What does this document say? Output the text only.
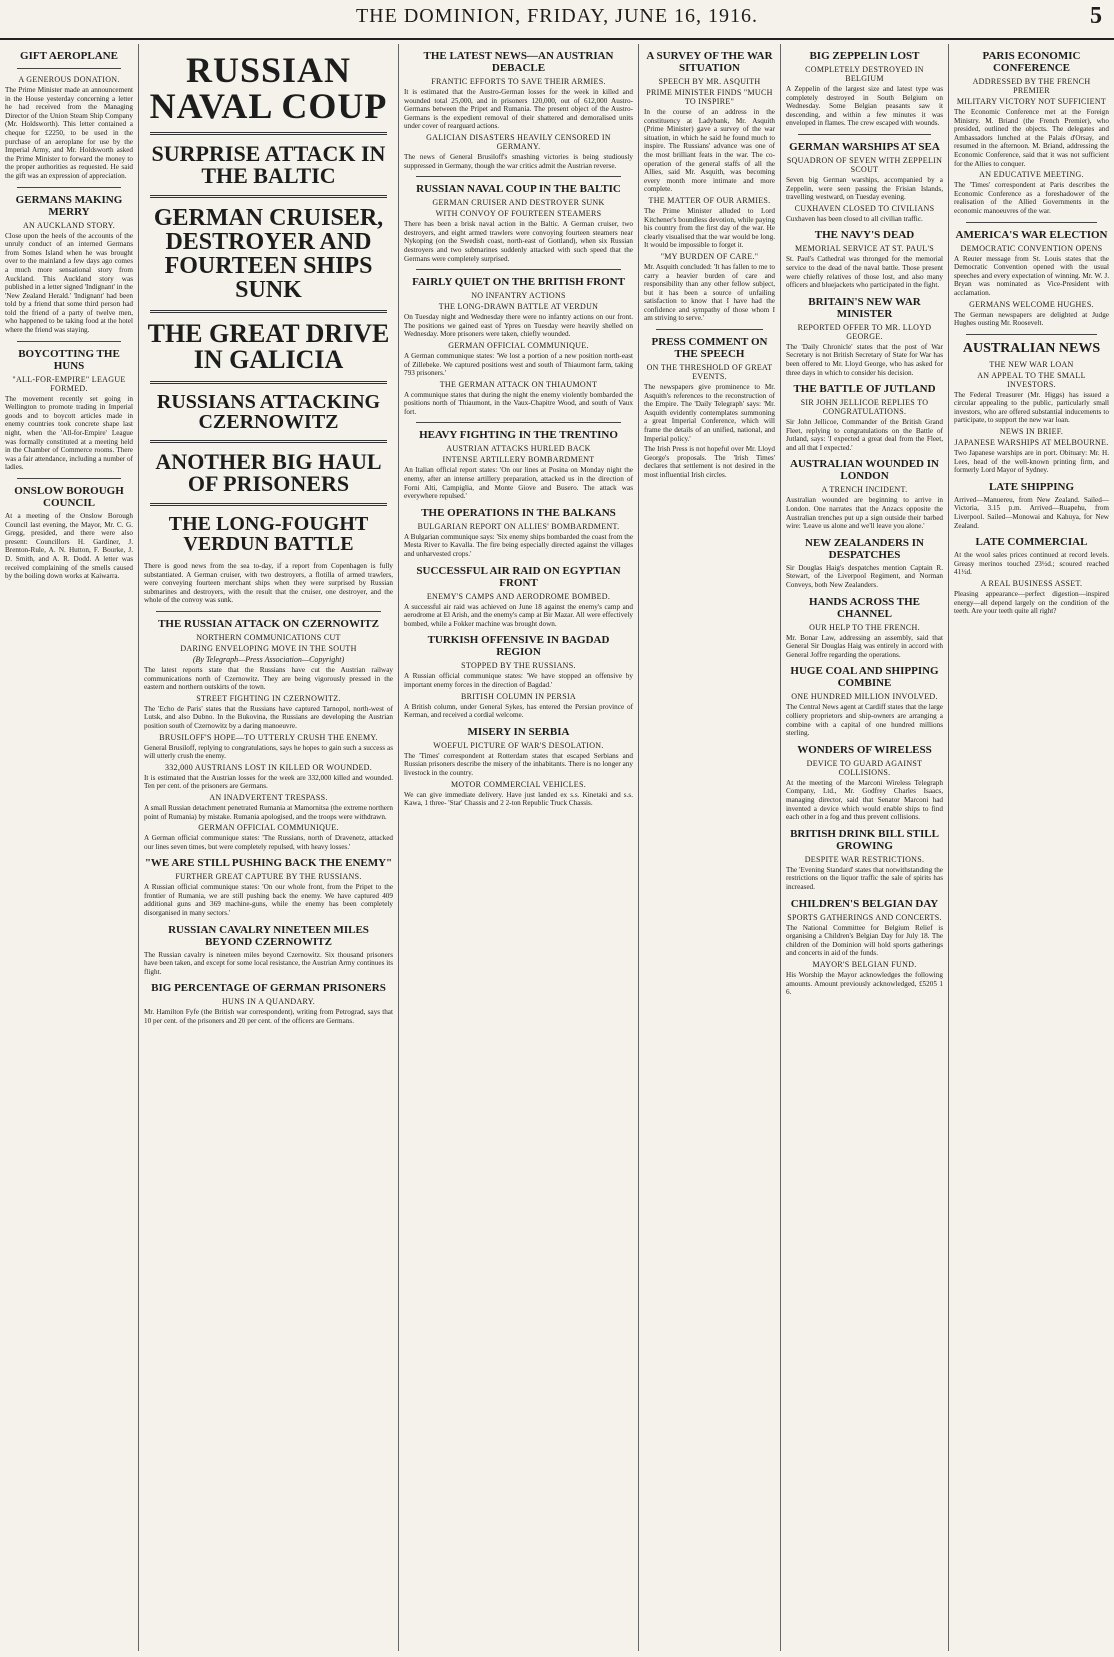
THE DOMINION, FRIDAY, JUNE 16, 1916.	5
GIFT AEROPLANE
A GENEROUS DONATION.
The Prime Minister made an announcement in the House yesterday concerning a letter he had received from the Managing Director of the Union Steam Ship Company (Mr. Holdsworth). This letter contained a cheque for £2250, to be used in the purchase of an aeroplane for use by the Imperial Army, and Mr. Holdsworth asked the Prime Minister to forward the money to the proper authorities as requested. He said the gift was an expression of appreciation.
GERMANS MAKING MERRY
AN AUCKLAND STORY.
Close upon the heels of the accounts of the unruly conduct of an interned Germans from Somes Island when he was brought over to the mainland a few days ago comes a much more sensational story from Auckland. This Auckland story was published in a letter signed 'Indignant' in the 'New Zealand Herald.' 'Indignant' had been told by a friend that some third person had told the friend of a party of twelve men, who happened to be taking food at the hotel where the friend was staying.
BOYCOTTING THE HUNS
"ALL-FOR-EMPIRE" LEAGUE FORMED.
The movement recently set going in Wellington to promote trading in Imperial goods and to boycott articles made in enemy countries took concrete shape last night, when the 'All-for-Empire' League was formally constituted at a meeting held in the Chamber of Commerce rooms. There was a fair attendance, including a number of ladies.
ONSLOW BOROUGH COUNCIL
At a meeting of the Onslow Borough Council last evening, the Mayor, Mr. C. G. Gregg, presided, and there were also present: Councillors H. Gardiner, J. Brenton-Rule, A. N. Hutton, F. Bourke, J. D. Smith, and A. R. Dodd. A letter was received complaining of the smells caused by the boiling down works at Kaiwarra.
RUSSIAN NAVAL COUP
SURPRISE ATTACK IN THE BALTIC
GERMAN CRUISER, DESTROYER AND FOURTEEN SHIPS SUNK
THE GREAT DRIVE IN GALICIA
RUSSIANS ATTACKING CZERNOWITZ
ANOTHER BIG HAUL OF PRISONERS
THE LONG-FOUGHT VERDUN BATTLE
There is good news from the sea to-day, if a report from Copenhagen is fully substantiated. A German cruiser, with two destroyers, a flotilla of armed trawlers, were conveying fourteen merchant ships when they were surprised by Russian submarines and destroyers, with the result that the cruiser, one destroyer, and the whole of the convoy was sunk.
THE RUSSIAN ATTACK ON CZERNOWITZ
NORTHERN COMMUNICATIONS CUT
DARING ENVELOPING MOVE IN THE SOUTH
(By Telegraph—Press Association—Copyright)
The latest reports state that the Russians have cut the Austrian railway communications north of Czernowitz. They are being vigorously pressed in the eastern and northern outskirts of the town.
STREET FIGHTING IN CZERNOWITZ.
The 'Echo de Paris' states that the Russians have captured Tarnopol, north-west of Lutsk, and also Dubno. In the Bukovina, the Russians are developing the Austrian position south of Czernowitz by a daring manoeuvre.
BRUSILOFF'S HOPE—TO UTTERLY CRUSH THE ENEMY.
General Brusiloff, replying to congratulations, says he hopes to gain such a success as will utterly crush the enemy.
332,000 AUSTRIANS LOST IN KILLED OR WOUNDED.
It is estimated that the Austrian losses for the week are 332,000 killed and wounded. Ten per cent. of the prisoners are Germans.
AN INADVERTENT TRESPASS.
A small Russian detachment penetrated Rumania at Mamornitsa (the extreme northern point of Rumania) by mistake. Rumania apologised, and the troops were withdrawn.
GERMAN OFFICIAL COMMUNIQUE.
A German official communique states: 'The Russians, north of Dravenetz, attacked our lines seven times, but were completely repulsed, with heavy losses.'
"WE ARE STILL PUSHING BACK THE ENEMY"
FURTHER GREAT CAPTURE BY THE RUSSIANS.
A Russian official communique states: 'On our whole front, from the Pripet to the frontier of Rumania, we are still pushing back the enemy. We have captured 409 additional guns and 369 machine-guns, while the enemy has been completely disorganised in many sectors.'
RUSSIAN CAVALRY NINETEEN MILES BEYOND CZERNOWITZ
The Russian cavalry is nineteen miles beyond Czernowitz. Six thousand prisoners have been taken, and except for some local resistance, the Austrian Army continues its flight.
BIG PERCENTAGE OF GERMAN PRISONERS
HUNS IN A QUANDARY.
Mr. Hamilton Fyfe (the British war correspondent), writing from Petrograd, says that 10 per cent. of the prisoners and 20 per cent. of the officers are Germans.
THE LATEST NEWS—AN AUSTRIAN DEBACLE
FRANTIC EFFORTS TO SAVE THEIR ARMIES.
It is estimated that the Austro-German losses for the week in killed and wounded total 25,000, and in prisoners 120,000, out of 612,000 Austro-Germans between the Pripet and Rumania. The present object of the Austro-Germans is the expedient removal of their shattered and demoralised units under cover of rearguard actions.
GALICIAN DISASTERS HEAVILY CENSORED IN GERMANY.
The news of General Brusiloff's smashing victories is being studiously suppressed in Germany, though the war critics admit the Austrian reverse.
RUSSIAN NAVAL COUP IN THE BALTIC
GERMAN CRUISER AND DESTROYER SUNK
WITH CONVOY OF FOURTEEN STEAMERS
There has been a brisk naval action in the Baltic. A German cruiser, two destroyers, and eight armed trawlers were convoying fourteen steamers near Nykoping (on the Swedish coast, north-east of Gottland), when six Russian destroyers and two submarines suddenly attacked with such speed that the Germans were completely surprised.
FAIRLY QUIET ON THE BRITISH FRONT
NO INFANTRY ACTIONS
THE LONG-DRAWN BATTLE AT VERDUN
On Tuesday night and Wednesday there were no infantry actions on our front. The positions we gained east of Ypres on Tuesday were heavily shelled on Wednesday. More prisoners were taken, chiefly wounded.
GERMAN OFFICIAL COMMUNIQUE.
A German communique states: 'We lost a portion of a new position north-east of Zillebeke. We captured positions west and south of Thiaumont farm, taking 793 prisoners.'
THE GERMAN ATTACK ON THIAUMONT
A communique states that during the night the enemy violently bombarded the positions north of Thiaumont, in the Vaux-Chapitre Wood, and south of Vaux fort.
HEAVY FIGHTING IN THE TRENTINO
AUSTRIAN ATTACKS HURLED BACK
INTENSE ARTILLERY BOMBARDMENT
An Italian official report states: 'On our lines at Posina on Monday night the enemy, after an intense artillery preparation, attacked us in the direction of Forni Alti, Campiglia, and Monte Giove and Busero. The attack was everywhere repulsed.'
THE OPERATIONS IN THE BALKANS
BULGARIAN REPORT ON ALLIES' BOMBARDMENT.
A Bulgarian communique says: 'Six enemy ships bombarded the coast from the Mesta River to Kavalla. The fire being especially directed against the villages and unharvested crops.'
SUCCESSFUL AIR RAID ON EGYPTIAN FRONT
ENEMY'S CAMPS AND AERODROME BOMBED.
A successful air raid was achieved on June 18 against the enemy's camp and aerodrome at El Arish, and the enemy's camp at Bir Mazar. All were effectively bombed, while a Fokker machine was brought down.
TURKISH OFFENSIVE IN BAGDAD REGION
STOPPED BY THE RUSSIANS.
A Russian official communique states: 'We have stopped an offensive by important enemy forces in the direction of Bagdad.'
BRITISH COLUMN IN PERSIA
A British column, under General Sykes, has entered the Persian province of Kerman, and received a cordial welcome.
MISERY IN SERBIA
WOEFUL PICTURE OF WAR'S DESOLATION.
The 'Times' correspondent at Rotterdam states that escaped Serbians and Russian prisoners describe the misery of the inhabitants. There is no longer any livestock in the country.
MOTOR COMMERCIAL VEHICLES.
We can give immediate delivery. Have just landed ex s.s. Kinetaki and s.s. Kawa, 1 three- 'Star' Chassis and 2 2-ton Republic Truck Chassis.
A SURVEY OF THE WAR SITUATION
SPEECH BY MR. ASQUITH
PRIME MINISTER FINDS "MUCH TO INSPIRE"
In the course of an address in the constituency at Ladybank, Mr. Asquith (Prime Minister) gave a survey of the war situation, in which he said he found much to inspire. The Russians' advance was one of the most brilliant feats in the war. The co-operation of the general staffs of all the Allies, said Mr. Asquith, was becoming every month more intimate and more complete.
THE MATTER OF OUR ARMIES.
The Prime Minister alluded to Lord Kitchener's boundless devotion, while paying his country from the first day of the war. He clearly visualised that the war would be long. It would be impossible to forget it.
"MY BURDEN OF CARE."
Mr. Asquith concluded: 'It has fallen to me to carry a heavier burden of care and responsibility than any other fellow subject, but it has been a source of unfailing satisfaction to know that I have had the confidence and sympathy of those whom I am striving to serve.'
PRESS COMMENT ON THE SPEECH
ON THE THRESHOLD OF GREAT EVENTS.
The newspapers give prominence to Mr. Asquith's references to the reconstruction of the Empire. The 'Daily Telegraph' says: 'Mr. Asquith evidently contemplates summoning a great Imperial Conference, which will frame the details of an unified, national, and Imperial policy.'
The Irish Press is not hopeful over Mr. Lloyd George's proposals. The 'Irish Times' declares that settlement is not desired in the most influential Irish circles.
BIG ZEPPELIN LOST
COMPLETELY DESTROYED IN BELGIUM
A Zeppelin of the largest size and latest type was completely destroyed in South Belgium on Wednesday. Some Belgian peasants saw it descending, and within a few minutes it was enveloped in flames. The crew escaped with wounds.
GERMAN WARSHIPS AT SEA
SQUADRON OF SEVEN WITH ZEPPELIN SCOUT
Seven big German warships, accompanied by a Zeppelin, were seen passing the Frisian Islands, travelling westward, on Tuesday evening.
CUXHAVEN CLOSED TO CIVILIANS
Cuxhaven has been closed to all civilian traffic.
THE NAVY'S DEAD
MEMORIAL SERVICE AT ST. PAUL'S
St. Paul's Cathedral was thronged for the memorial service to the dead of the naval battle. Those present were chiefly relatives of those lost, and also many officers and bluejackets who participated in the fight.
BRITAIN'S NEW WAR MINISTER
REPORTED OFFER TO MR. LLOYD GEORGE.
The 'Daily Chronicle' states that the post of War Secretary is not British Secretary of State for War has been offered to Mr. Lloyd George, who has asked for three days in which to consider his decision.
THE BATTLE OF JUTLAND
SIR JOHN JELLICOE REPLIES TO CONGRATULATIONS.
Sir John Jellicoe, Commander of the British Grand Fleet, replying to congratulations on the Battle of Jutland, says: 'I expected a great deal from the Fleet, and all that I expected.'
AUSTRALIAN WOUNDED IN LONDON
A TRENCH INCIDENT.
Australian wounded are beginning to arrive in London. One narrates that the Anzacs opposite the Australian trenches put up a sign outside their barbed wire: 'Leave us alone and we'll leave you alone.'
NEW ZEALANDERS IN DESPATCHES
Sir Douglas Haig's despatches mention Captain R. Stewart, of the Liverpool Regiment, and Norman Conveys, both New Zealanders.
HANDS ACROSS THE CHANNEL
OUR HELP TO THE FRENCH.
Mr. Bonar Law, addressing an assembly, said that General Sir Douglas Haig was entirely in accord with General Joffre regarding the operations.
HUGE COAL AND SHIPPING COMBINE
ONE HUNDRED MILLION INVOLVED.
The Central News agent at Cardiff states that the large colliery proprietors and ship-owners are arranging a combine with a capital of one hundred millions sterling.
WONDERS OF WIRELESS
DEVICE TO GUARD AGAINST COLLISIONS.
At the meeting of the Marconi Wireless Telegraph Company, Ltd., Mr. Godfrey Charles Isaacs, managing director, said that Senator Marconi had invented a device which would enable ships to find each other in a fog and thus prevent collisions.
BRITISH DRINK BILL STILL GROWING
DESPITE WAR RESTRICTIONS.
The 'Evening Standard' states that notwithstanding the restrictions on the liquor traffic the sale of spirits has increased.
CHILDREN'S BELGIAN DAY
SPORTS GATHERINGS AND CONCERTS.
The National Committee for Belgium Relief is organising a Children's Belgian Day for July 18. The children of the Dominion will hold sports gatherings and concerts in aid of the funds.
MAYOR'S BELGIAN FUND.
His Worship the Mayor acknowledges the following amounts. Amount previously acknowledged, £5205 1 6.
PARIS ECONOMIC CONFERENCE
ADDRESSED BY THE FRENCH PREMIER
MILITARY VICTORY NOT SUFFICIENT
The Economic Conference met at the Foreign Ministry. M. Briand (the French Premier), who presided, outlined the objects. The delegates and Ambassadors lunched at the Palais d'Orsay, and resumed in the afternoon. M. Briand, addressing the Economic Conference, said that it was not sufficient for the Allies to conquer.
AN EDUCATIVE MEETING.
The 'Times' correspondent at Paris describes the Economic Conference as a foreshadower of the realisation of the Allied Governments in the economic manoeuvres of the war.
AMERICA'S WAR ELECTION
DEMOCRATIC CONVENTION OPENS
A Reuter message from St. Louis states that the Democratic Convention opened with the usual speeches and every expectation of winning. Mr. W. J. Bryan was nominated as Vice-President with acclamation.
GERMANS WELCOME HUGHES.
The German newspapers are delighted at Judge Hughes ousting Mr. Roosevelt.
AUSTRALIAN NEWS
THE NEW WAR LOAN
AN APPEAL TO THE SMALL INVESTORS.
The Federal Treasurer (Mr. Higgs) has issued a circular appealing to the public, particularly small investors, who are offered substantial inducements to participate, to support the new war loan.
NEWS IN BRIEF.
JAPANESE WARSHIPS AT MELBOURNE.
Two Japanese warships are in port. Obituary: Mr. H. Lees, head of the well-known printing firm, and formerly Lord Mayor of Sydney.
LATE SHIPPING
Arrived—Manuereu, from New Zealand. Sailed—Victoria, 3.15 p.m. Arrived—Ruapehu, from Liverpool. Sailed—Monowai and Kahuya, for New Zealand.
LATE COMMERCIAL
At the wool sales prices continued at record levels. Greasy merinos touched 23½d.; scoured reached 41½d.
A REAL BUSINESS ASSET.
Pleasing appearance—perfect digestion—inspired energy—all depend largely on the condition of the teeth. Are your teeth quite all right?
